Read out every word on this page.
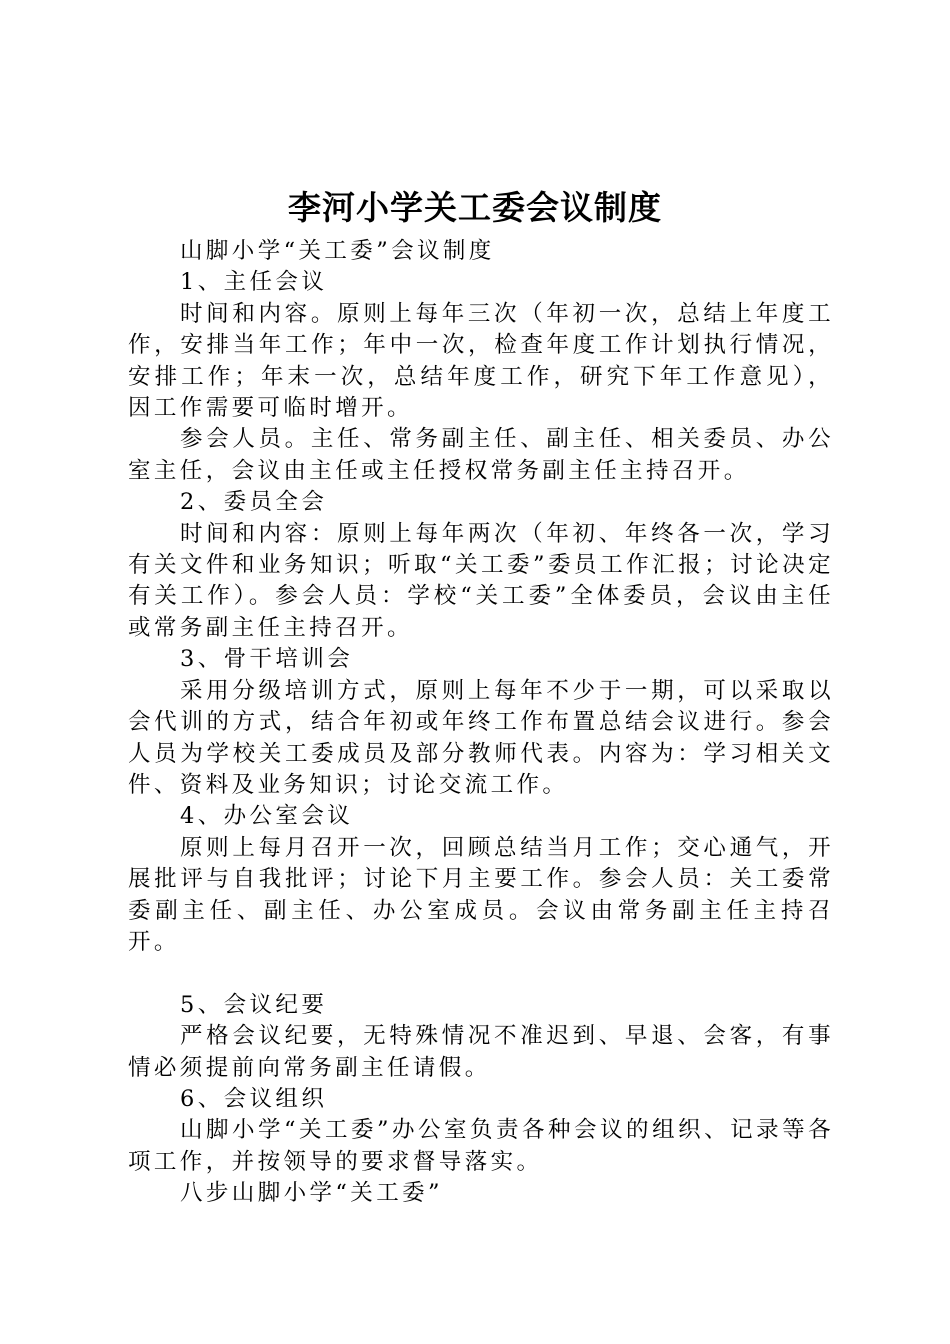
李河小学关工委会议制度

山脚小学“关工委”会议制度

1、主任会议

时间和内容。原则上每年三次（年初一次，总结上年度工作，安排当年工作；年中一次，检查年度工作计划执行情况，安排工作；年末一次，总结年度工作，研究下年工作意见），因工作需要可临时增开。

参会人员。主任、常务副主任、副主任、相关委员、办公室主任，会议由主任或主任授权常务副主任主持召开。

2、委员全会

时间和内容：原则上每年两次（年初、年终各一次，学习有关文件和业务知识；听取“关工委”委员工作汇报；讨论决定有关工作）。参会人员：学校“关工委”全体委员，会议由主任或常务副主任主持召开。

3、骨干培训会

采用分级培训方式，原则上每年不少于一期，可以采取以会代训的方式，结合年初或年终工作布置总结会议进行。参会人员为学校关工委成员及部分教师代表。内容为：学习相关文件、资料及业务知识；讨论交流工作。

4、办公室会议

原则上每月召开一次，回顾总结当月工作；交心通气，开展批评与自我批评；讨论下月主要工作。参会人员：关工委常委副主任、副主任、办公室成员。会议由常务副主任主持召开。

5、会议纪要

严格会议纪要，无特殊情况不准迟到、早退、会客，有事情必须提前向常务副主任请假。

6、会议组织

山脚小学“关工委”办公室负责各种会议的组织、记录等各项工作，并按领导的要求督导落实。

八步山脚小学“关工委”
